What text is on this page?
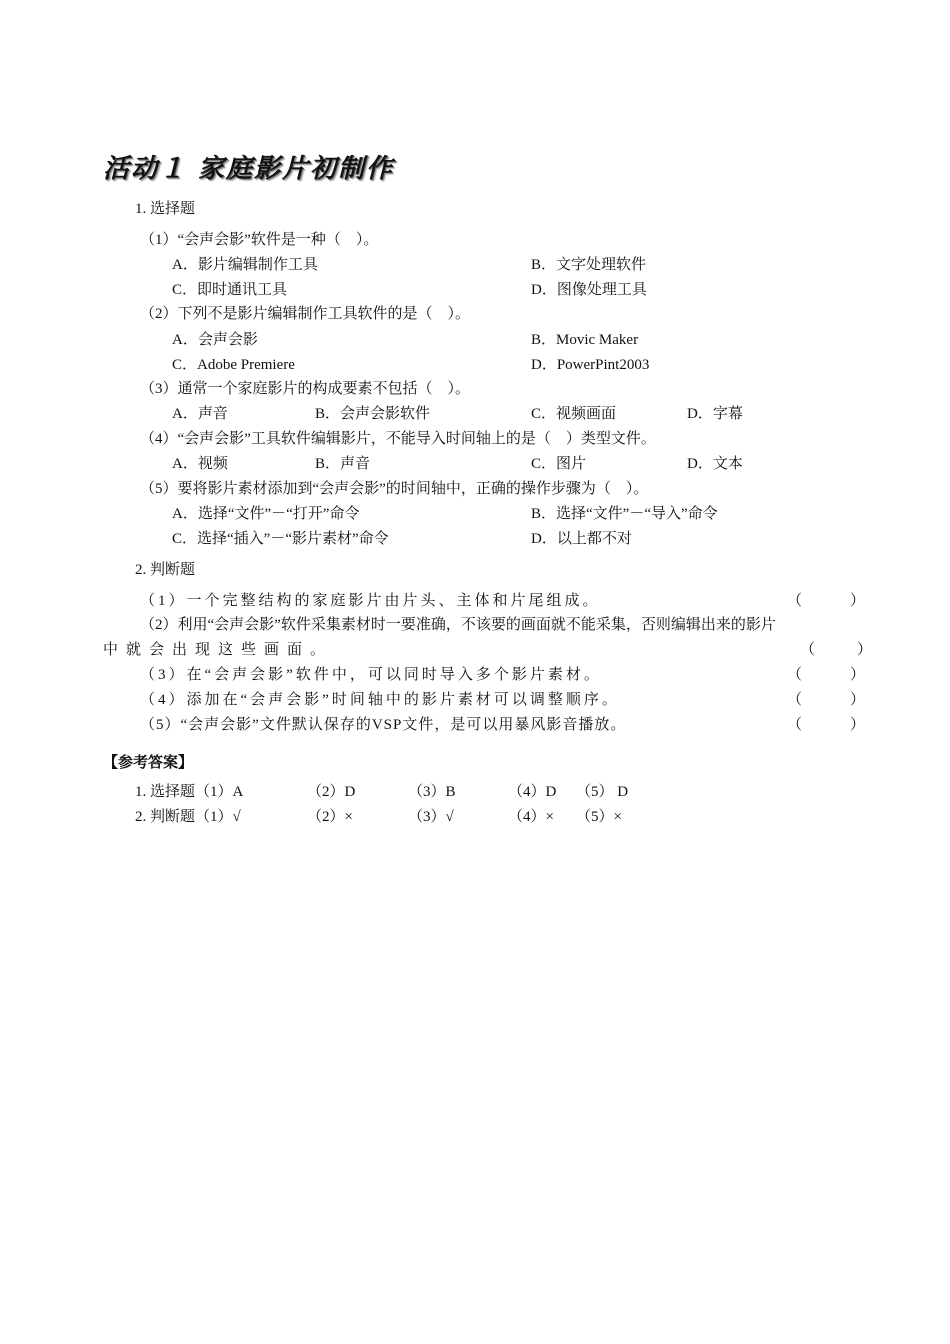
活动１ 家庭影片初制作
1. 选择题
（1）“会声会影”软件是一种（　）。
A．影片编辑制作工具	B．文字处理软件
C．即时通讯工具	D．图像处理工具
（2）下列不是影片编辑制作工具软件的是（　）。
A．会声会影	B．Movic Maker
C．Adobe Premiere	D．PowerPint2003
（3）通常一个家庭影片的构成要素不包括（　）。
A．声音	B．会声会影软件	C．视频画面	D．字幕
（4）“会声会影”工具软件编辑影片，不能导入时间轴上的是（　）类型文件。
A．视频	B．声音	C．图片	D．文本
（5）要将影片素材添加到“会声会影”的时间轴中，正确的操作步骤为（　）。
A．选择“文件”－“打开”命令	B．选择“文件”－“导入”命令
C．选择“插入”－“影片素材”命令	D．以上都不对
2. 判断题
（1）一个完整结构的家庭影片由片头、主体和片尾组成。	（　　）
（2）利用“会声会影”软件采集素材时一要准确，不该要的画面就不能采集，否则编辑出来的影片
中就会出现这些画面。	（　　）
（3）在“会声会影”软件中，可以同时导入多个影片素材。	（　　）
（4）添加在“会声会影”时间轴中的影片素材可以调整顺序。	（　　）
（5）“会声会影”文件默认保存的VSP文件，是可以用暴风影音播放。	（　　）
【参考答案】
1. 选择题（1）A	（2）D	（3）B	（4）D （5） D
2. 判断题（1）√	（2）×	（3）√	（4）× （5）×
